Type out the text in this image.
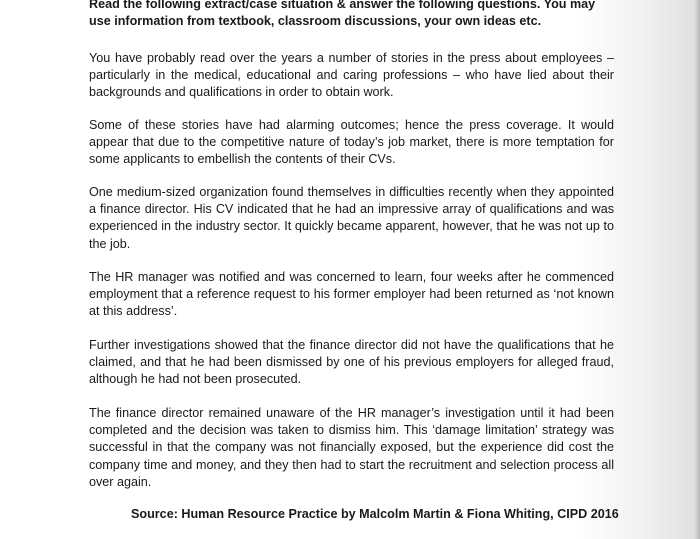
Read the following extract/case situation & answer the following questions. You may use information from textbook, classroom discussions, your own ideas etc.

You have probably read over the years a number of stories in the press about employees – particularly in the medical, educational and caring professions – who have lied about their backgrounds and qualifications in order to obtain work.

Some of these stories have had alarming outcomes; hence the press coverage. It would appear that due to the competitive nature of today’s job market, there is more temptation for some applicants to embellish the contents of their CVs.

One medium-sized organization found themselves in difficulties recently when they appointed a finance director. His CV indicated that he had an impressive array of qualifications and was experienced in the industry sector. It quickly became apparent, however, that he was not up to the job.

The HR manager was notified and was concerned to learn, four weeks after he commenced employment that a reference request to his former employer had been returned as ‘not known at this address’.

Further investigations showed that the finance director did not have the qualifications that he claimed, and that he had been dismissed by one of his previous employers for alleged fraud, although he had not been prosecuted.

The finance director remained unaware of the HR manager’s investigation until it had been completed and the decision was taken to dismiss him. This ‘damage limitation’ strategy was successful in that the company was not financially exposed, but the experience did cost the company time and money, and they then had to start the recruitment and selection process all over again.

Source: Human Resource Practice by Malcolm Martin & Fiona Whiting, CIPD 2016
